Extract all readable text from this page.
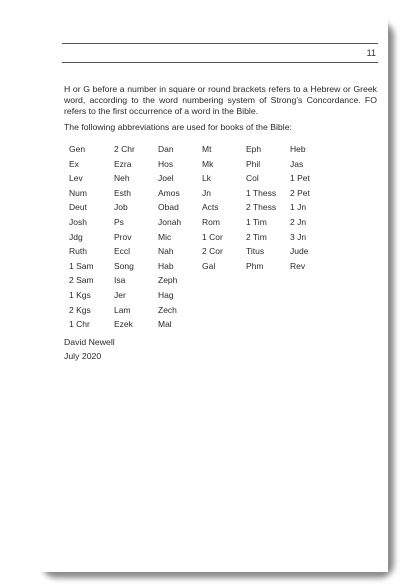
11

H or G before a number in square or round brackets refers to a Hebrew or Greek word, according to the word numbering system of Strong’s Concordance. FO refers to the first occurrence of a word in the Bible.

The following abbreviations are used for books of the Bible:

Gen
Ex
Lev
Num
Deut
Josh
Jdg
Ruth
1 Sam
2 Sam
1 Kgs
2 Kgs
1 Chr
2 Chr
Ezra
Neh
Esth
Job
Ps
Prov
Eccl
Song
Isa
Jer
Lam
Ezek
Dan
Hos
Joel
Amos
Obad
Jonah
Mic
Nah
Hab
Zeph
Hag
Zech
Mal
Mt
Mk
Lk
Jn
Acts
Rom
1 Cor
2 Cor
Gal
Eph
Phil
Col
1 Thess
2 Thess
1 Tim
2 Tim
Titus
Phm
Heb
Jas
1 Pet
2 Pet
1 Jn
2 Jn
3 Jn
Jude
Rev
David Newell
July 2020
